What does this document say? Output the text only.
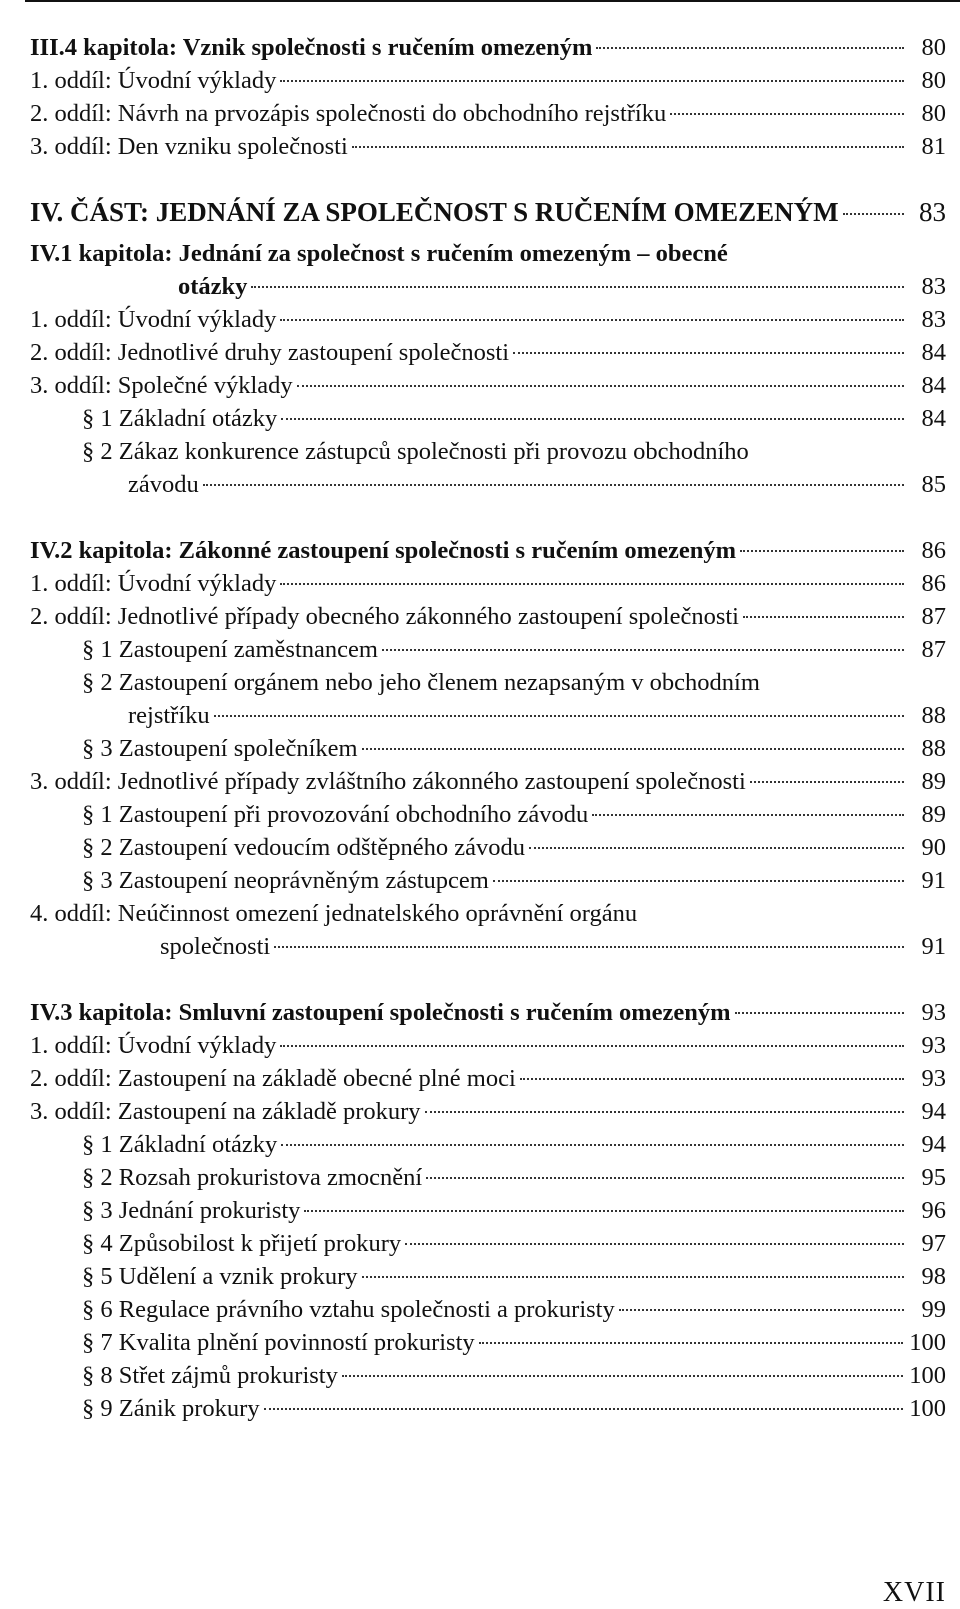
III.4 kapitola: Vznik společnosti s ručením omezeným	80
1. oddíl: Úvodní výklady	80
2. oddíl: Návrh na prvozápis společnosti do obchodního rejstříku	80
3. oddíl: Den vzniku společnosti	81
IV. ČÁST: JEDNÁNÍ ZA SPOLEČNOST S RUČENÍM OMEZENÝM	83
IV.1 kapitola: Jednání za společnost s ručením omezeným – obecné
otázky	83
1. oddíl: Úvodní výklady	83
2. oddíl: Jednotlivé druhy zastoupení společnosti	84
3. oddíl: Společné výklady	84
§ 1 Základní otázky	84
§ 2 Zákaz konkurence zástupců společnosti při provozu obchodního
závodu	85
IV.2 kapitola: Zákonné zastoupení společnosti s ručením omezeným	86
1. oddíl: Úvodní výklady	86
2. oddíl: Jednotlivé případy obecného zákonného zastoupení společnosti	87
§ 1 Zastoupení zaměstnancem	87
§ 2 Zastoupení orgánem nebo jeho členem nezapsaným v obchodním
rejstříku	88
§ 3 Zastoupení společníkem	88
3. oddíl: Jednotlivé případy zvláštního zákonného zastoupení společnosti	89
§ 1 Zastoupení při provozování obchodního závodu	89
§ 2 Zastoupení vedoucím odštěpného závodu	90
§ 3 Zastoupení neoprávněným zástupcem	91
4. oddíl: Neúčinnost omezení jednatelského oprávnění orgánu
společnosti	91
IV.3 kapitola: Smluvní zastoupení společnosti s ručením omezeným	93
1. oddíl: Úvodní výklady	93
2. oddíl: Zastoupení na základě obecné plné moci	93
3. oddíl: Zastoupení na základě prokury	94
§ 1 Základní otázky	94
§ 2 Rozsah prokuristova zmocnění	95
§ 3 Jednání prokuristy	96
§ 4 Způsobilost k přijetí prokury	97
§ 5 Udělení a vznik prokury	98
§ 6 Regulace právního vztahu společnosti a prokuristy	99
§ 7 Kvalita plnění povinností prokuristy	100
§ 8 Střet zájmů prokuristy	100
§ 9 Zánik prokury	100
XVII
